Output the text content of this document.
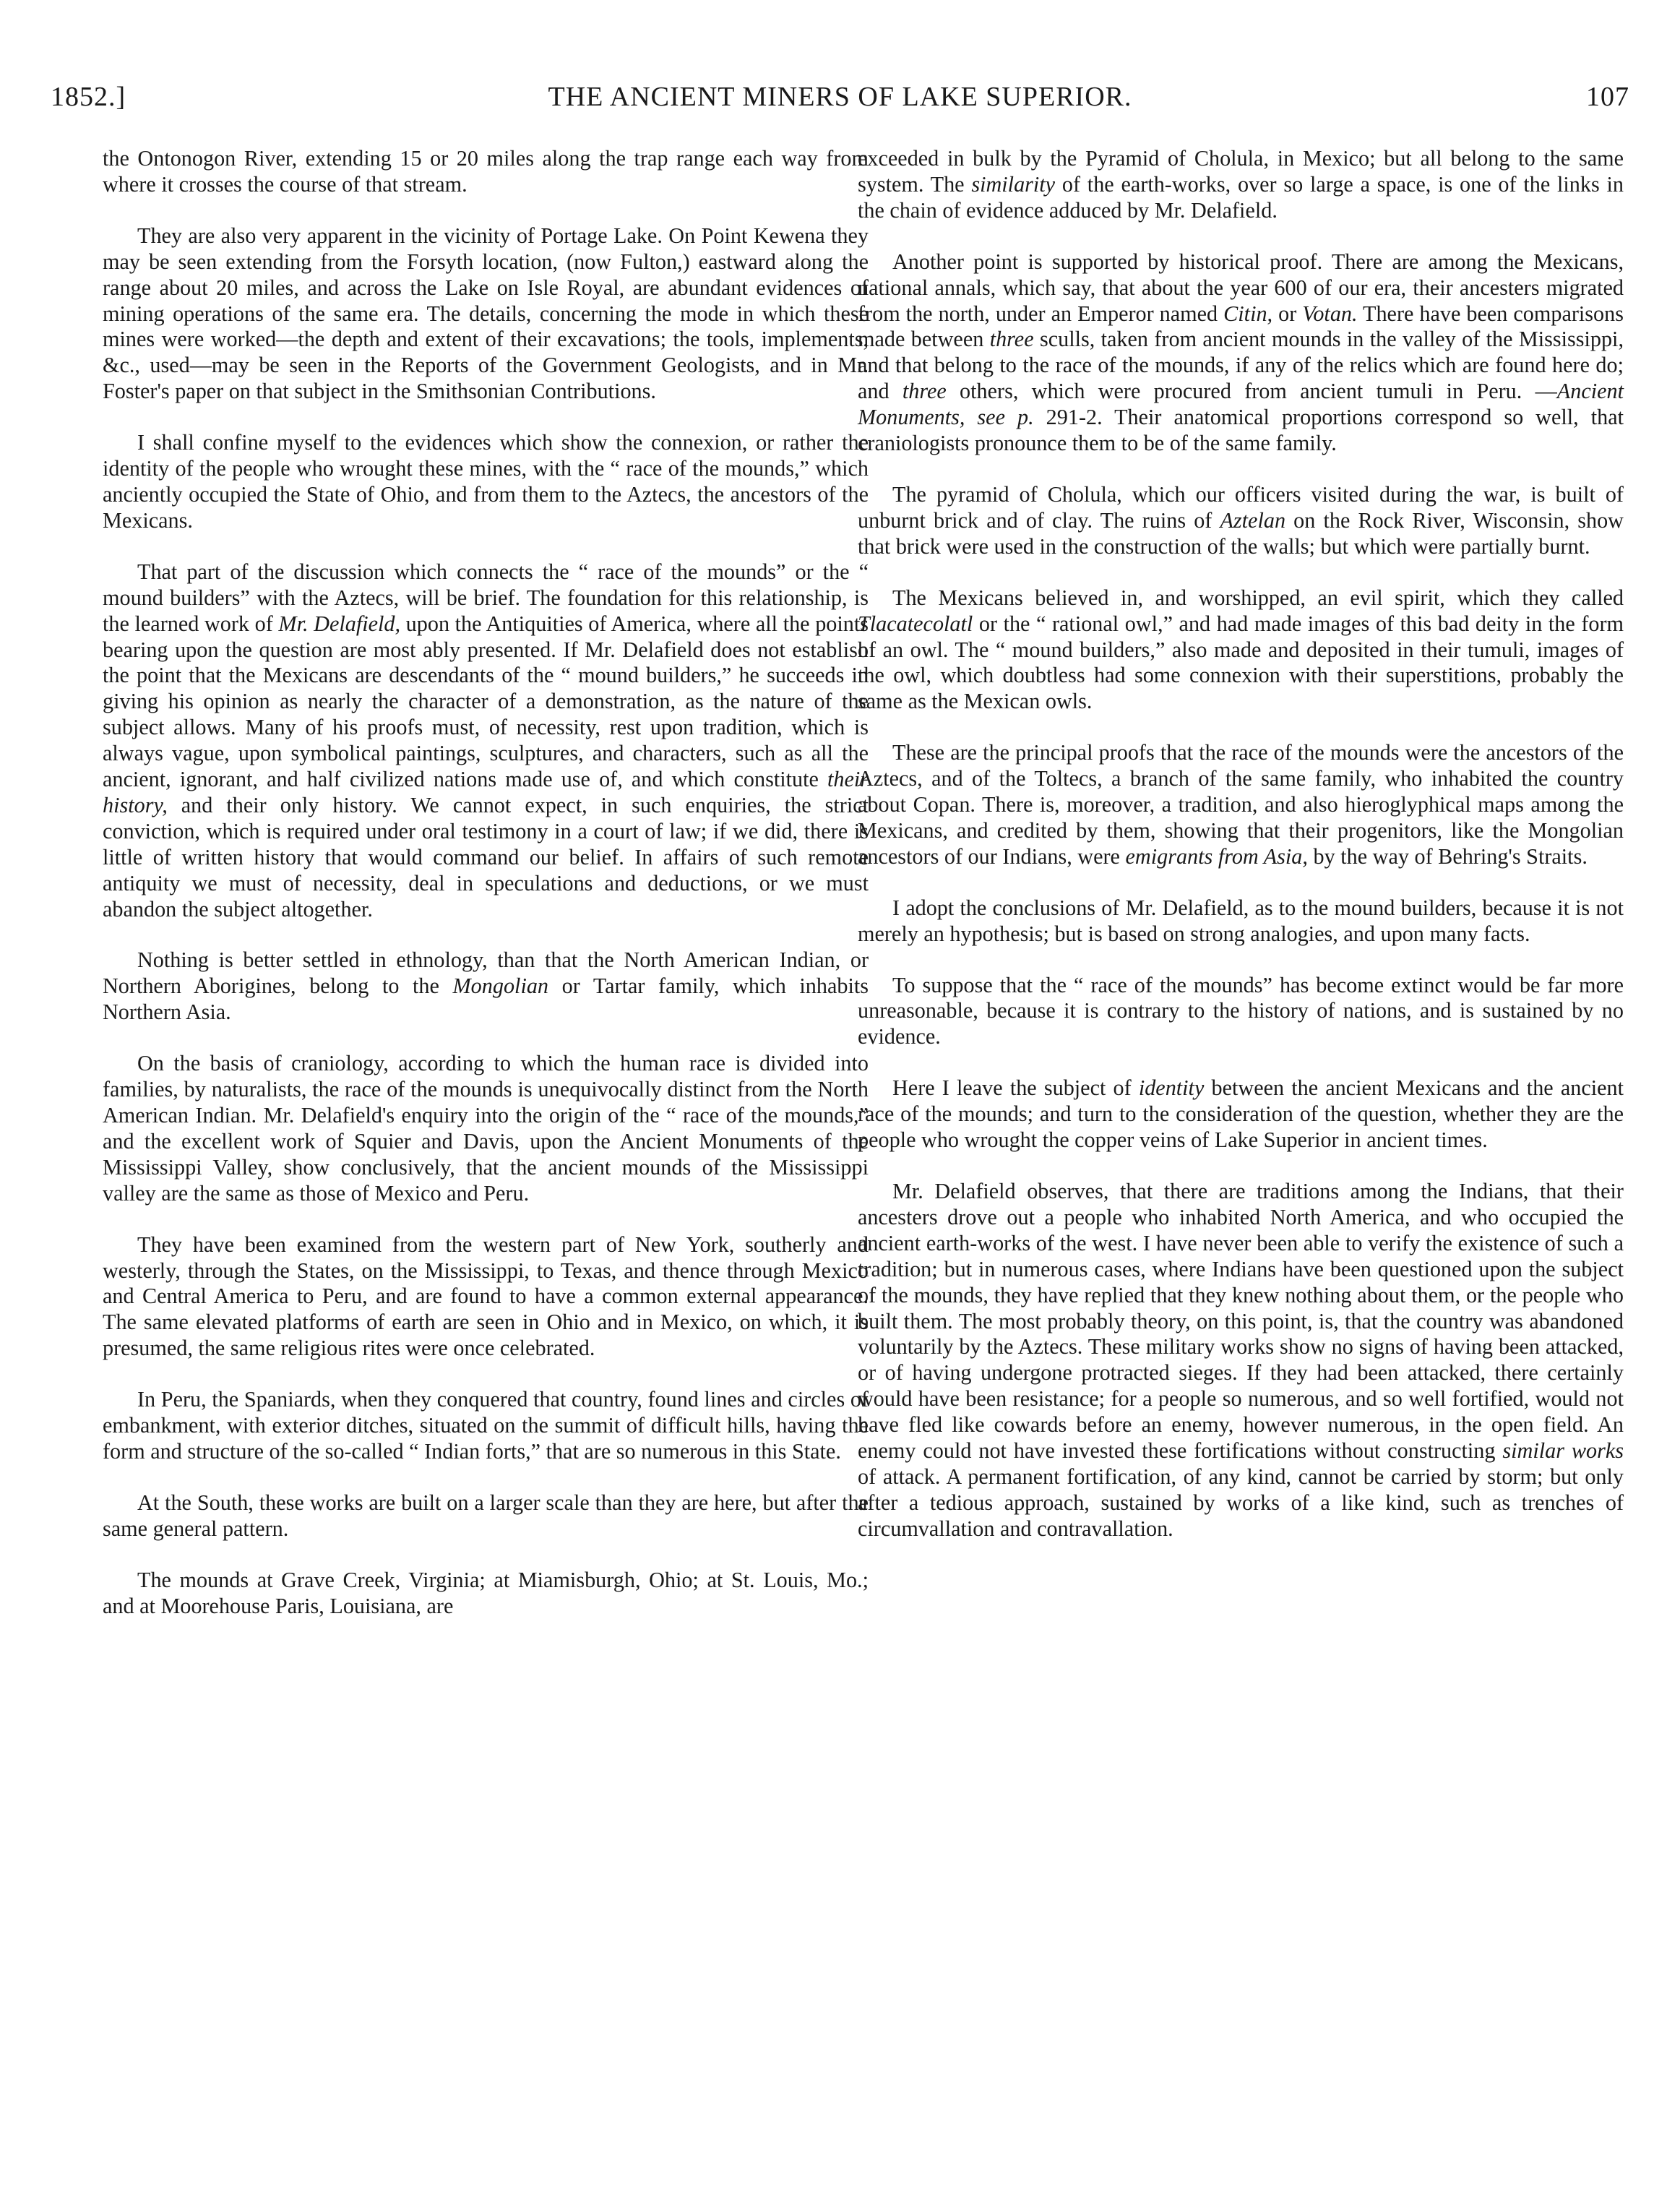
1852.]	THE ANCIENT MINERS OF LAKE SUPERIOR.	107

the Ontonogon River, extending 15 or 20 miles along the trap range each way from where it crosses the course of that stream.

They are also very apparent in the vicinity of Portage Lake. On Point Kewena they may be seen extending from the Forsyth location, (now Fulton,) eastward along the range about 20 miles, and across the Lake on Isle Royal, are abundant evidences of mining operations of the same era. The details, concerning the mode in which these mines were worked—the depth and extent of their excavations; the tools, implements, &c., used—may be seen in the Reports of the Government Geologists, and in Mr. Foster's paper on that subject in the Smithsonian Contributions.

I shall confine myself to the evidences which show the connexion, or rather the identity of the people who wrought these mines, with the “ race of the mounds,” which anciently occupied the State of Ohio, and from them to the Aztecs, the ancestors of the Mexicans.

That part of the discussion which connects the “ race of the mounds” or the “ mound builders” with the Aztecs, will be brief. The foundation for this relationship, is the learned work of Mr. Delafield, upon the Antiquities of America, where all the points bearing upon the question are most ably presented. If Mr. Delafield does not establish the point that the Mexicans are descendants of the “ mound builders,” he succeeds in giving his opinion as nearly the character of a demonstration, as the nature of the subject allows. Many of his proofs must, of necessity, rest upon tradition, which is always vague, upon symbolical paintings, sculptures, and characters, such as all the ancient, ignorant, and half civilized nations made use of, and which constitute their history, and their only history. We cannot expect, in such enquiries, the strict conviction, which is required under oral testimony in a court of law; if we did, there is little of written history that would command our belief. In affairs of such remote antiquity we must of necessity, deal in speculations and deductions, or we must abandon the subject altogether.

Nothing is better settled in ethnology, than that the North American Indian, or Northern Aborigines, belong to the Mongolian or Tartar family, which inhabits Northern Asia.

On the basis of craniology, according to which the human race is divided into families, by naturalists, the race of the mounds is unequivocally distinct from the North American Indian. Mr. Delafield's enquiry into the origin of the “ race of the mounds,” and the excellent work of Squier and Davis, upon the Ancient Monuments of the Mississippi Valley, show conclusively, that the ancient mounds of the Mississippi valley are the same as those of Mexico and Peru.

They have been examined from the western part of New York, southerly and westerly, through the States, on the Mississippi, to Texas, and thence through Mexico and Central America to Peru, and are found to have a common external appearance. The same elevated platforms of earth are seen in Ohio and in Mexico, on which, it is presumed, the same religious rites were once celebrated.

In Peru, the Spaniards, when they conquered that country, found lines and circles of embankment, with exterior ditches, situated on the summit of difficult hills, having the form and structure of the so-called “ Indian forts,” that are so numerous in this State.

At the South, these works are built on a larger scale than they are here, but after the same general pattern.

The mounds at Grave Creek, Virginia; at Miamisburgh, Ohio; at St. Louis, Mo.; and at Moorehouse Paris, Louisiana, are

exceeded in bulk by the Pyramid of Cholula, in Mexico; but all belong to the same system. The similarity of the earth-works, over so large a space, is one of the links in the chain of evidence adduced by Mr. Delafield.

Another point is supported by historical proof. There are among the Mexicans, national annals, which say, that about the year 600 of our era, their ancesters migrated from the north, under an Emperor named Citin, or Votan. There have been comparisons made between three sculls, taken from ancient mounds in the valley of the Mississippi, and that belong to the race of the mounds, if any of the relics which are found here do; and three others, which were procured from ancient tumuli in Peru. —Ancient Monuments, see p. 291-2. Their anatomical proportions correspond so well, that craniologists pronounce them to be of the same family.

The pyramid of Cholula, which our officers visited during the war, is built of unburnt brick and of clay. The ruins of Aztelan on the Rock River, Wisconsin, show that brick were used in the construction of the walls; but which were partially burnt.

The Mexicans believed in, and worshipped, an evil spirit, which they called Tlacatecolatl or the “ rational owl,” and had made images of this bad deity in the form of an owl. The “ mound builders,” also made and deposited in their tumuli, images of the owl, which doubtless had some connexion with their superstitions, probably the same as the Mexican owls.

These are the principal proofs that the race of the mounds were the ancestors of the Aztecs, and of the Toltecs, a branch of the same family, who inhabited the country about Copan. There is, moreover, a tradition, and also hieroglyphical maps among the Mexicans, and credited by them, showing that their progenitors, like the Mongolian ancestors of our Indians, were emigrants from Asia, by the way of Behring's Straits.

I adopt the conclusions of Mr. Delafield, as to the mound builders, because it is not merely an hypothesis; but is based on strong analogies, and upon many facts.

To suppose that the “ race of the mounds” has become extinct would be far more unreasonable, because it is contrary to the history of nations, and is sustained by no evidence.

Here I leave the subject of identity between the ancient Mexicans and the ancient race of the mounds; and turn to the consideration of the question, whether they are the people who wrought the copper veins of Lake Superior in ancient times.

Mr. Delafield observes, that there are traditions among the Indians, that their ancesters drove out a people who inhabited North America, and who occupied the ancient earth-works of the west. I have never been able to verify the existence of such a tradition; but in numerous cases, where Indians have been questioned upon the subject of the mounds, they have replied that they knew nothing about them, or the people who built them. The most probably theory, on this point, is, that the country was abandoned voluntarily by the Aztecs. These military works show no signs of having been attacked, or of having undergone protracted sieges. If they had been attacked, there certainly would have been resistance; for a people so numerous, and so well fortified, would not have fled like cowards before an enemy, however numerous, in the open field. An enemy could not have invested these fortifications without constructing similar works of attack. A permanent fortification, of any kind, cannot be carried by storm; but only after a tedious approach, sustained by works of a like kind, such as trenches of circumvallation and contravallation.
